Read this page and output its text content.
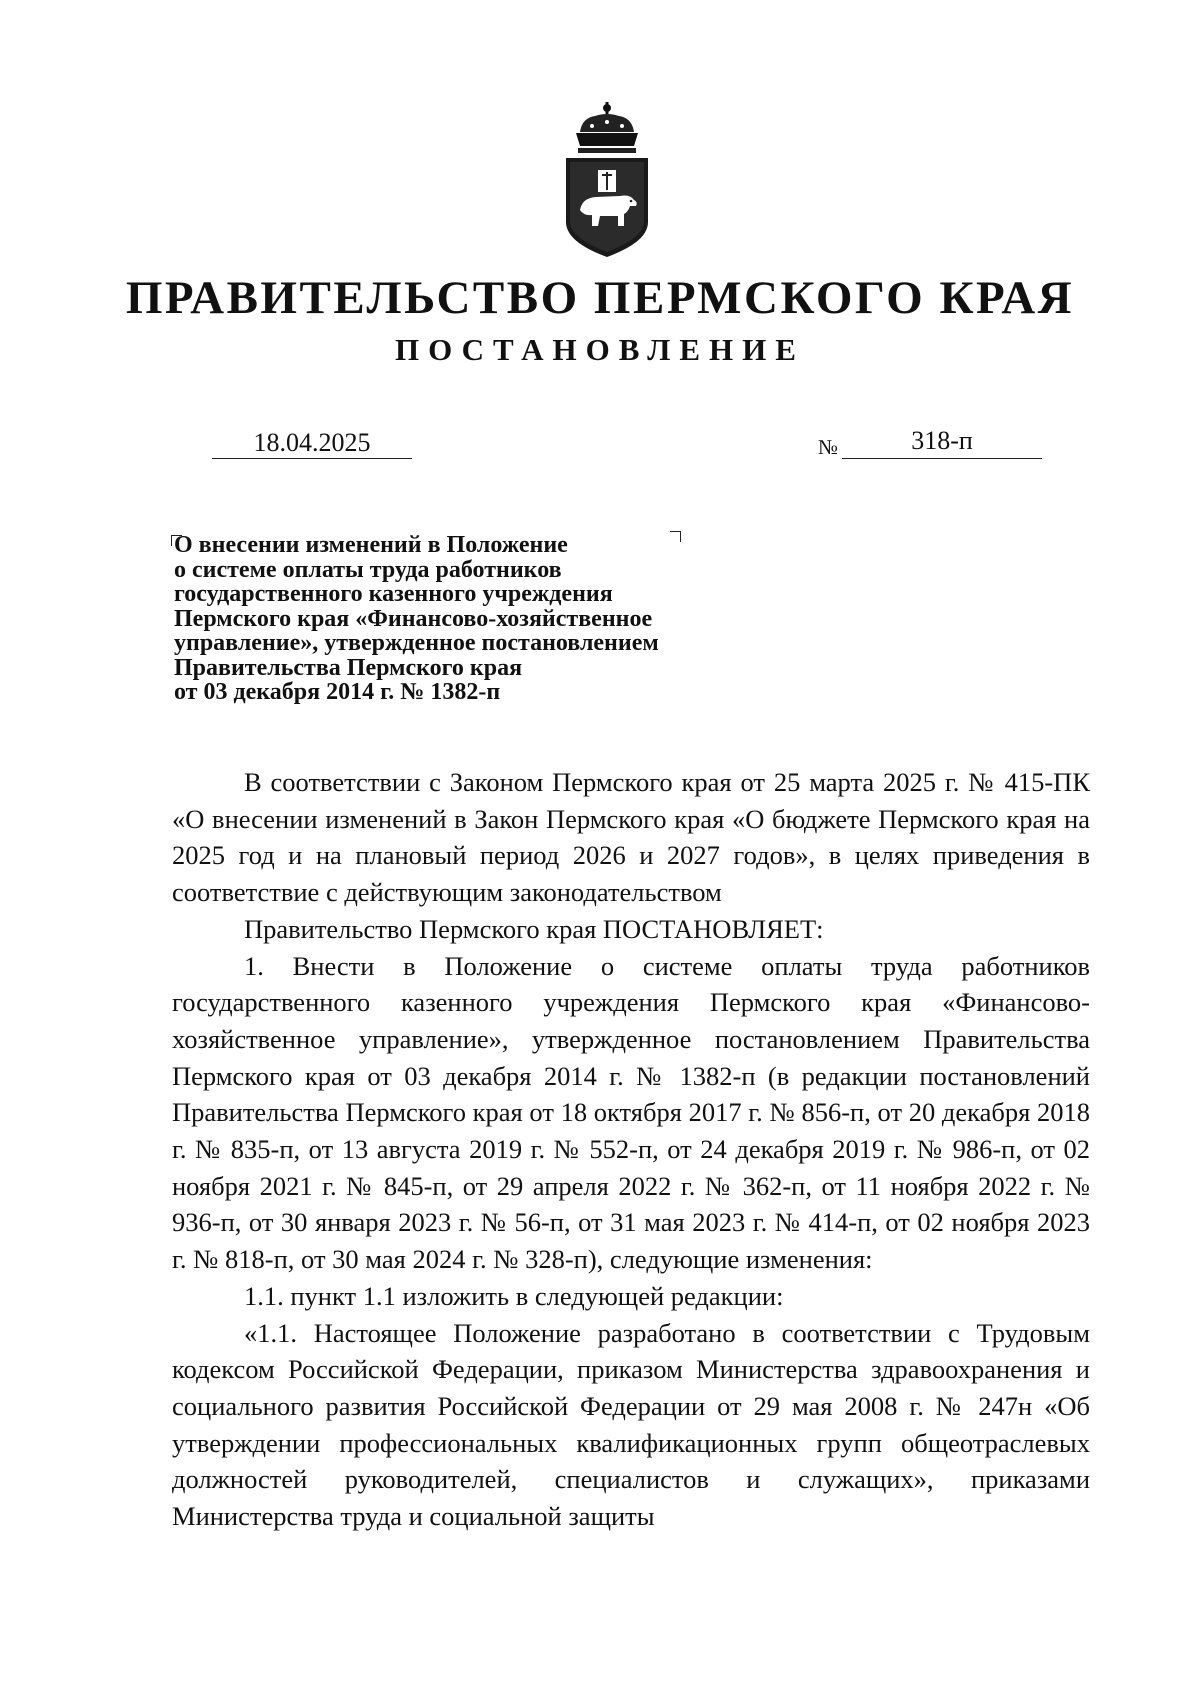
ПРАВИТЕЛЬСТВО ПЕРМСКОГО КРАЯ
ПОСТАНОВЛЕНИЕ
18.04.2025	№	318-п
О внесении изменений в Положение
о системе оплаты труда работников
государственного казенного учреждения
Пермского края «Финансово-хозяйственное
управление», утвержденное постановлением
Правительства Пермского края
от 03 декабря 2014 г. № 1382-п

В соответствии с Законом Пермского края от 25 марта 2025 г. № 415-ПК «О внесении изменений в Закон Пермского края «О бюджете Пермского края на 2025 год и на плановый период 2026 и 2027 годов», в целях приведения в соответствие с действующим законодательством

Правительство Пермского края ПОСТАНОВЛЯЕТ:

1. Внести в Положение о системе оплаты труда работников государственного казенного учреждения Пермского края «Финансово-хозяйственное управление», утвержденное постановлением Правительства Пермского края от 03 декабря 2014 г. № 1382-п (в редакции постановлений Правительства Пермского края от 18 октября 2017 г. № 856-п, от 20 декабря 2018 г. № 835-п, от 13 августа 2019 г. № 552-п, от 24 декабря 2019 г. № 986-п, от 02 ноября 2021 г. № 845-п, от 29 апреля 2022 г. № 362-п, от 11 ноября 2022 г. № 936-п, от 30 января 2023 г. № 56-п, от 31 мая 2023 г. № 414-п, от 02 ноября 2023 г. № 818-п, от 30 мая 2024 г. № 328-п), следующие изменения:

1.1. пункт 1.1 изложить в следующей редакции:

«1.1. Настоящее Положение разработано в соответствии с Трудовым кодексом Российской Федерации, приказом Министерства здравоохранения и социального развития Российской Федерации от 29 мая 2008 г. № 247н «Об утверждении профессиональных квалификационных групп общеотраслевых должностей руководителей, специалистов и служащих», приказами Министерства труда и социальной защиты
